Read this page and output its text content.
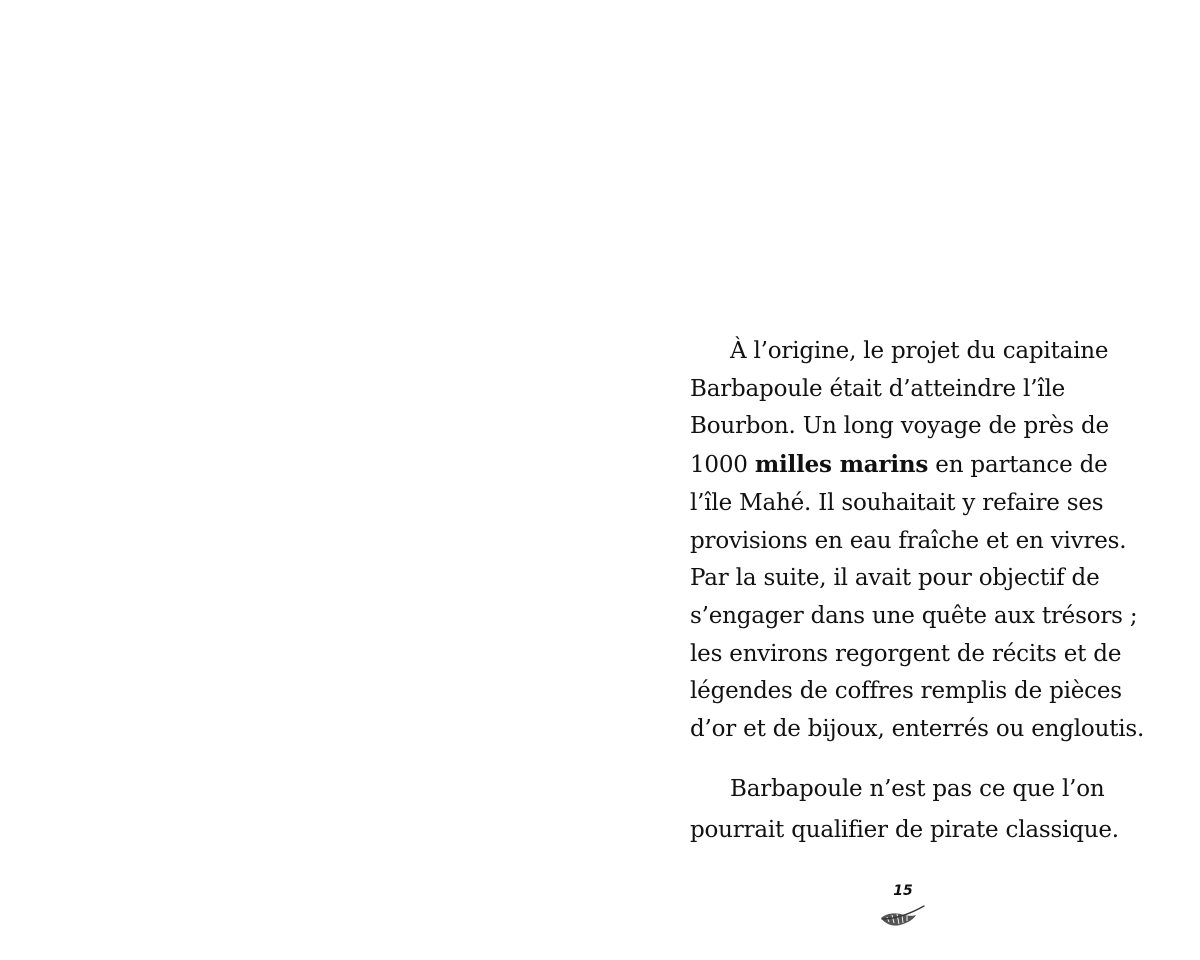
À l’origine, le projet du capitaine
Barbapoule était d’atteindre l’île
Bourbon. Un long voyage de près de
1000 milles marins en partance de
l’île Mahé. Il souhaitait y refaire ses
provisions en eau fraîche et en vivres.
Par la suite, il avait pour objectif de
s’engager dans une quête aux trésors ;
les environs regorgent de récits et de
légendes de coffres remplis de pièces
d’or et de bijoux, enterrés ou engloutis.

Barbapoule n’est pas ce que l’on
pourrait qualifier de pirate classique.

15
